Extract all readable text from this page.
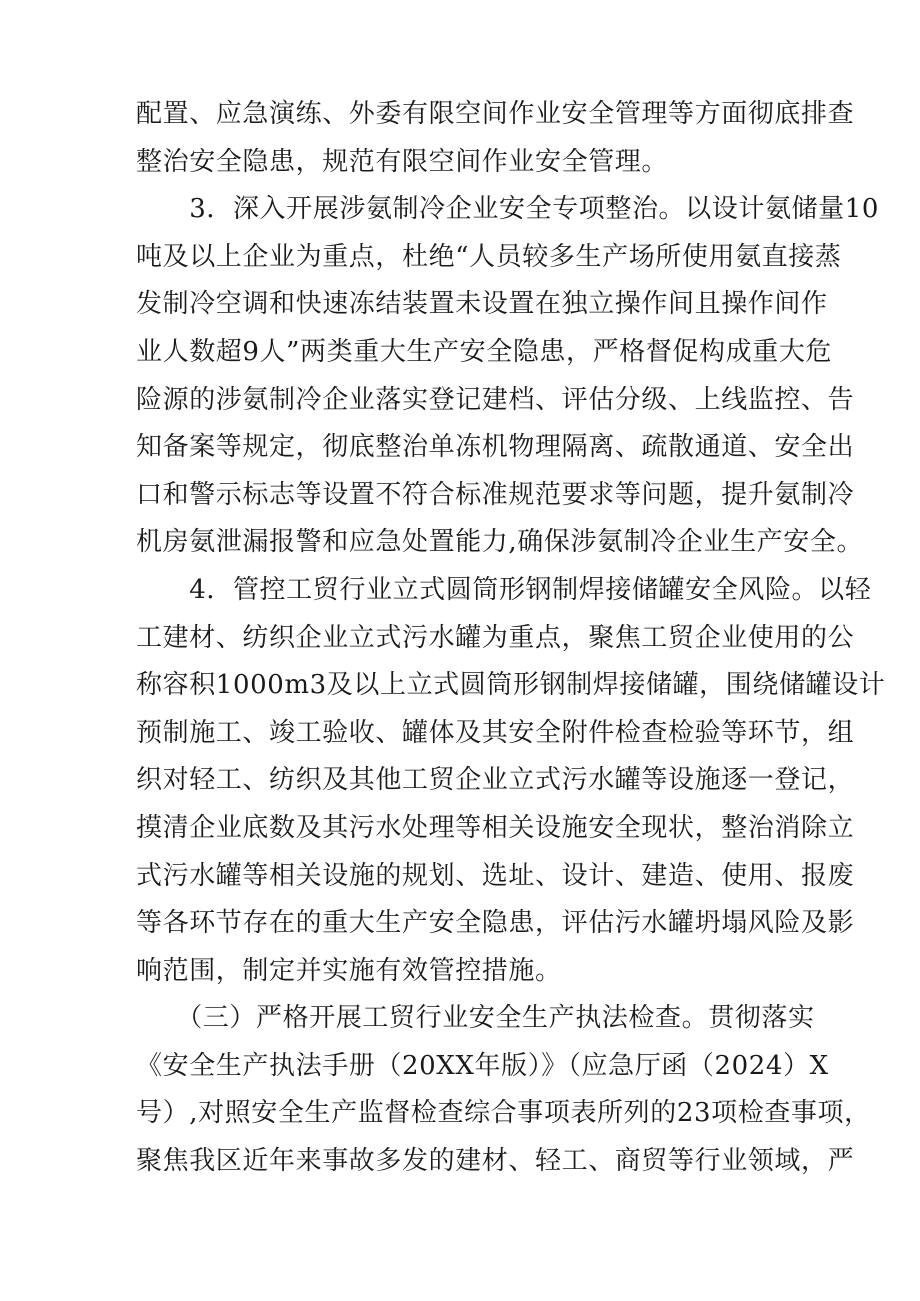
配置、应急演练、外委有限空间作业安全管理等方面彻底排查
整治安全隐患，规范有限空间作业安全管理。
　　3．深入开展涉氨制冷企业安全专项整治。以设计氨储量10
吨及以上企业为重点，杜绝“人员较多生产场所使用氨直接蒸
发制冷空调和快速冻结装置未设置在独立操作间且操作间作
业人数超9人”两类重大生产安全隐患，严格督促构成重大危
险源的涉氨制冷企业落实登记建档、评估分级、上线监控、告
知备案等规定，彻底整治单冻机物理隔离、疏散通道、安全出
口和警示标志等设置不符合标准规范要求等问题，提升氨制冷
机房氨泄漏报警和应急处置能力,确保涉氨制冷企业生产安全。
　　4．管控工贸行业立式圆筒形钢制焊接储罐安全风险。以轻
工建材、纺织企业立式污水罐为重点，聚焦工贸企业使用的公
称容积1000m3及以上立式圆筒形钢制焊接储罐，围绕储罐设计
预制施工、竣工验收、罐体及其安全附件检查检验等环节，组
织对轻工、纺织及其他工贸企业立式污水罐等设施逐一登记，
摸清企业底数及其污水处理等相关设施安全现状，整治消除立
式污水罐等相关设施的规划、选址、设计、建造、使用、报废
等各环节存在的重大生产安全隐患，评估污水罐坍塌风险及影
响范围，制定并实施有效管控措施。
　　（三）严格开展工贸行业安全生产执法检查。贯彻落实
《安全生产执法手册（20XX年版）》（应急厅函（2024）X
号）,对照安全生产监督检查综合事项表所列的23项检查事项，
聚焦我区近年来事故多发的建材、轻工、商贸等行业领域，严
